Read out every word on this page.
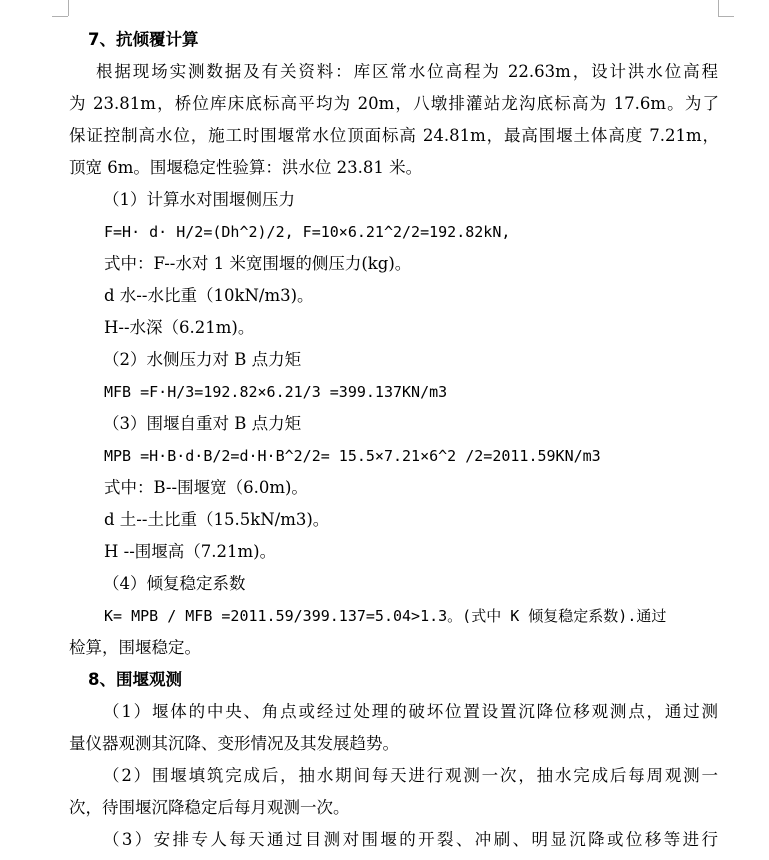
7、抗倾覆计算
根据现场实测数据及有关资料：库区常水位高程为 22.63m，设计洪水位高程
为 23.81m，桥位库床底标高平均为 20m，八墩排灌站龙沟底标高为 17.6m。为了
保证控制高水位，施工时围堰常水位顶面标高 24.81m，最高围堰土体高度 7.21m，
顶宽 6m。围堰稳定性验算：洪水位 23.81 米。
（1）计算水对围堰侧压力
F=H· d· H/2=(Dh^2)/2, F=10×6.21^2/2=192.82kN,
式中：F--水对 1 米宽围堰的侧压力(kg)。
d 水--水比重（10kN/m3)。
H--水深（6.21m)。
（2）水侧压力对 B 点力矩
MFB =F·H/3=192.82×6.21/3 =399.137KN/m3
（3）围堰自重对 B 点力矩
MPB =H·B·d·B/2=d·H·B^2/2= 15.5×7.21×6^2 /2=2011.59KN/m3
式中：B--围堰宽（6.0m)。
d 土--土比重（15.5kN/m3)。
H --围堰高（7.21m)。
（4）倾复稳定系数
K= MPB / MFB =2011.59/399.137=5.04>1.3。(式中 K 倾复稳定系数).通过
检算，围堰稳定。
8、围堰观测
（1）堰体的中央、角点或经过处理的破坏位置设置沉降位移观测点，通过测
量仪器观测其沉降、变形情况及其发展趋势。
（2）围堰填筑完成后，抽水期间每天进行观测一次，抽水完成后每周观测一
次，待围堰沉降稳定后每月观测一次。
（3）安排专人每天通过目测对围堰的开裂、冲刷、明显沉降或位移等进行
